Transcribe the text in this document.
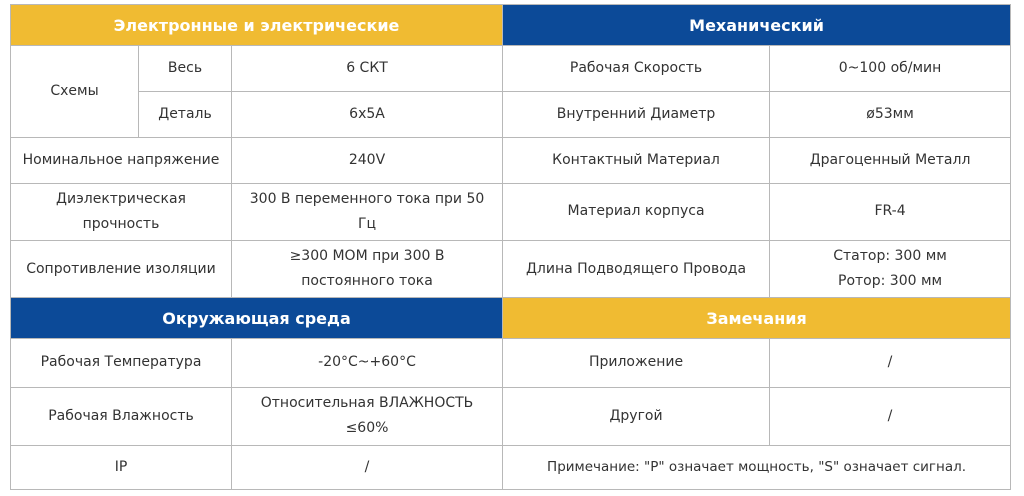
Электронные и электрические			Механический	
Схемы	Весь	6 СКТ	Рабочая Скорость	0~100 об/мин
	Деталь	6х5А	Внутренний Диаметр	ø53мм
Номинальное напряжение		240V	Контактный Материал	Драгоценный Металл
Диэлектрическая прочность		300 В переменного тока при 50 Гц	Материал корпуса	FR-4
Сопротивление изоляции		≥300 МОМ при 300 В постоянного тока	Длина Подводящего Провода	Статор: 300 мм
Ротор: 300 мм

Окружающая среда			Замечания	
Рабочая Температура		-20°C~+60°C	Приложение	/
Рабочая Влажность		Относительная ВЛАЖНОСТЬ ≤60%	Другой	/
IP		/	Примечание: "P" означает мощность, "S" означает сигнал.	
